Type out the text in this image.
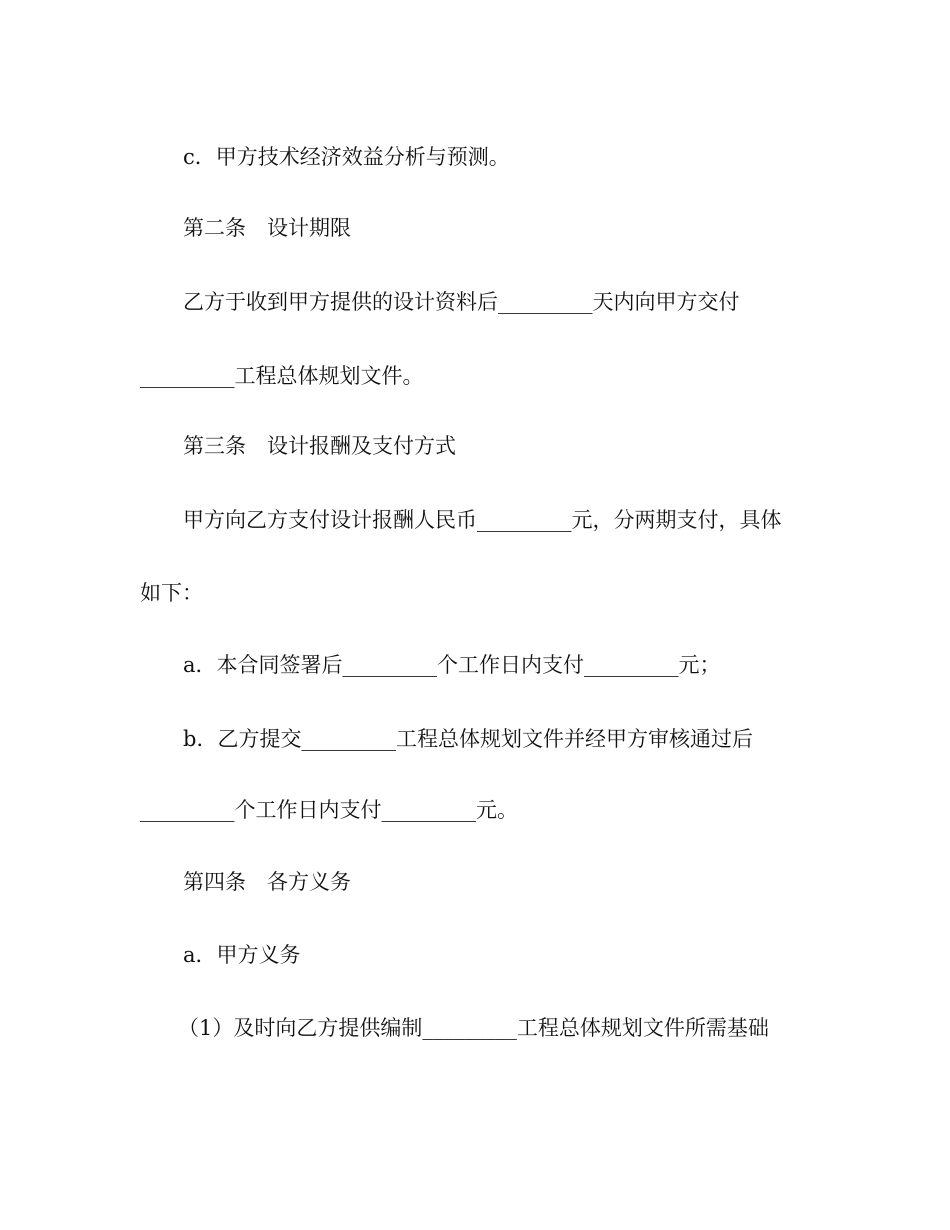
c．甲方技术经济效益分析与预测。
第二条　设计期限
乙方于收到甲方提供的设计资料后_________天内向甲方交付
_________工程总体规划文件。
第三条　设计报酬及支付方式
甲方向乙方支付设计报酬人民币_________元，分两期支付，具体
如下：
a．本合同签署后_________个工作日内支付_________元；
b．乙方提交_________工程总体规划文件并经甲方审核通过后
_________个工作日内支付_________元。
第四条　各方义务
a．甲方义务
（1）及时向乙方提供编制_________工程总体规划文件所需基础
